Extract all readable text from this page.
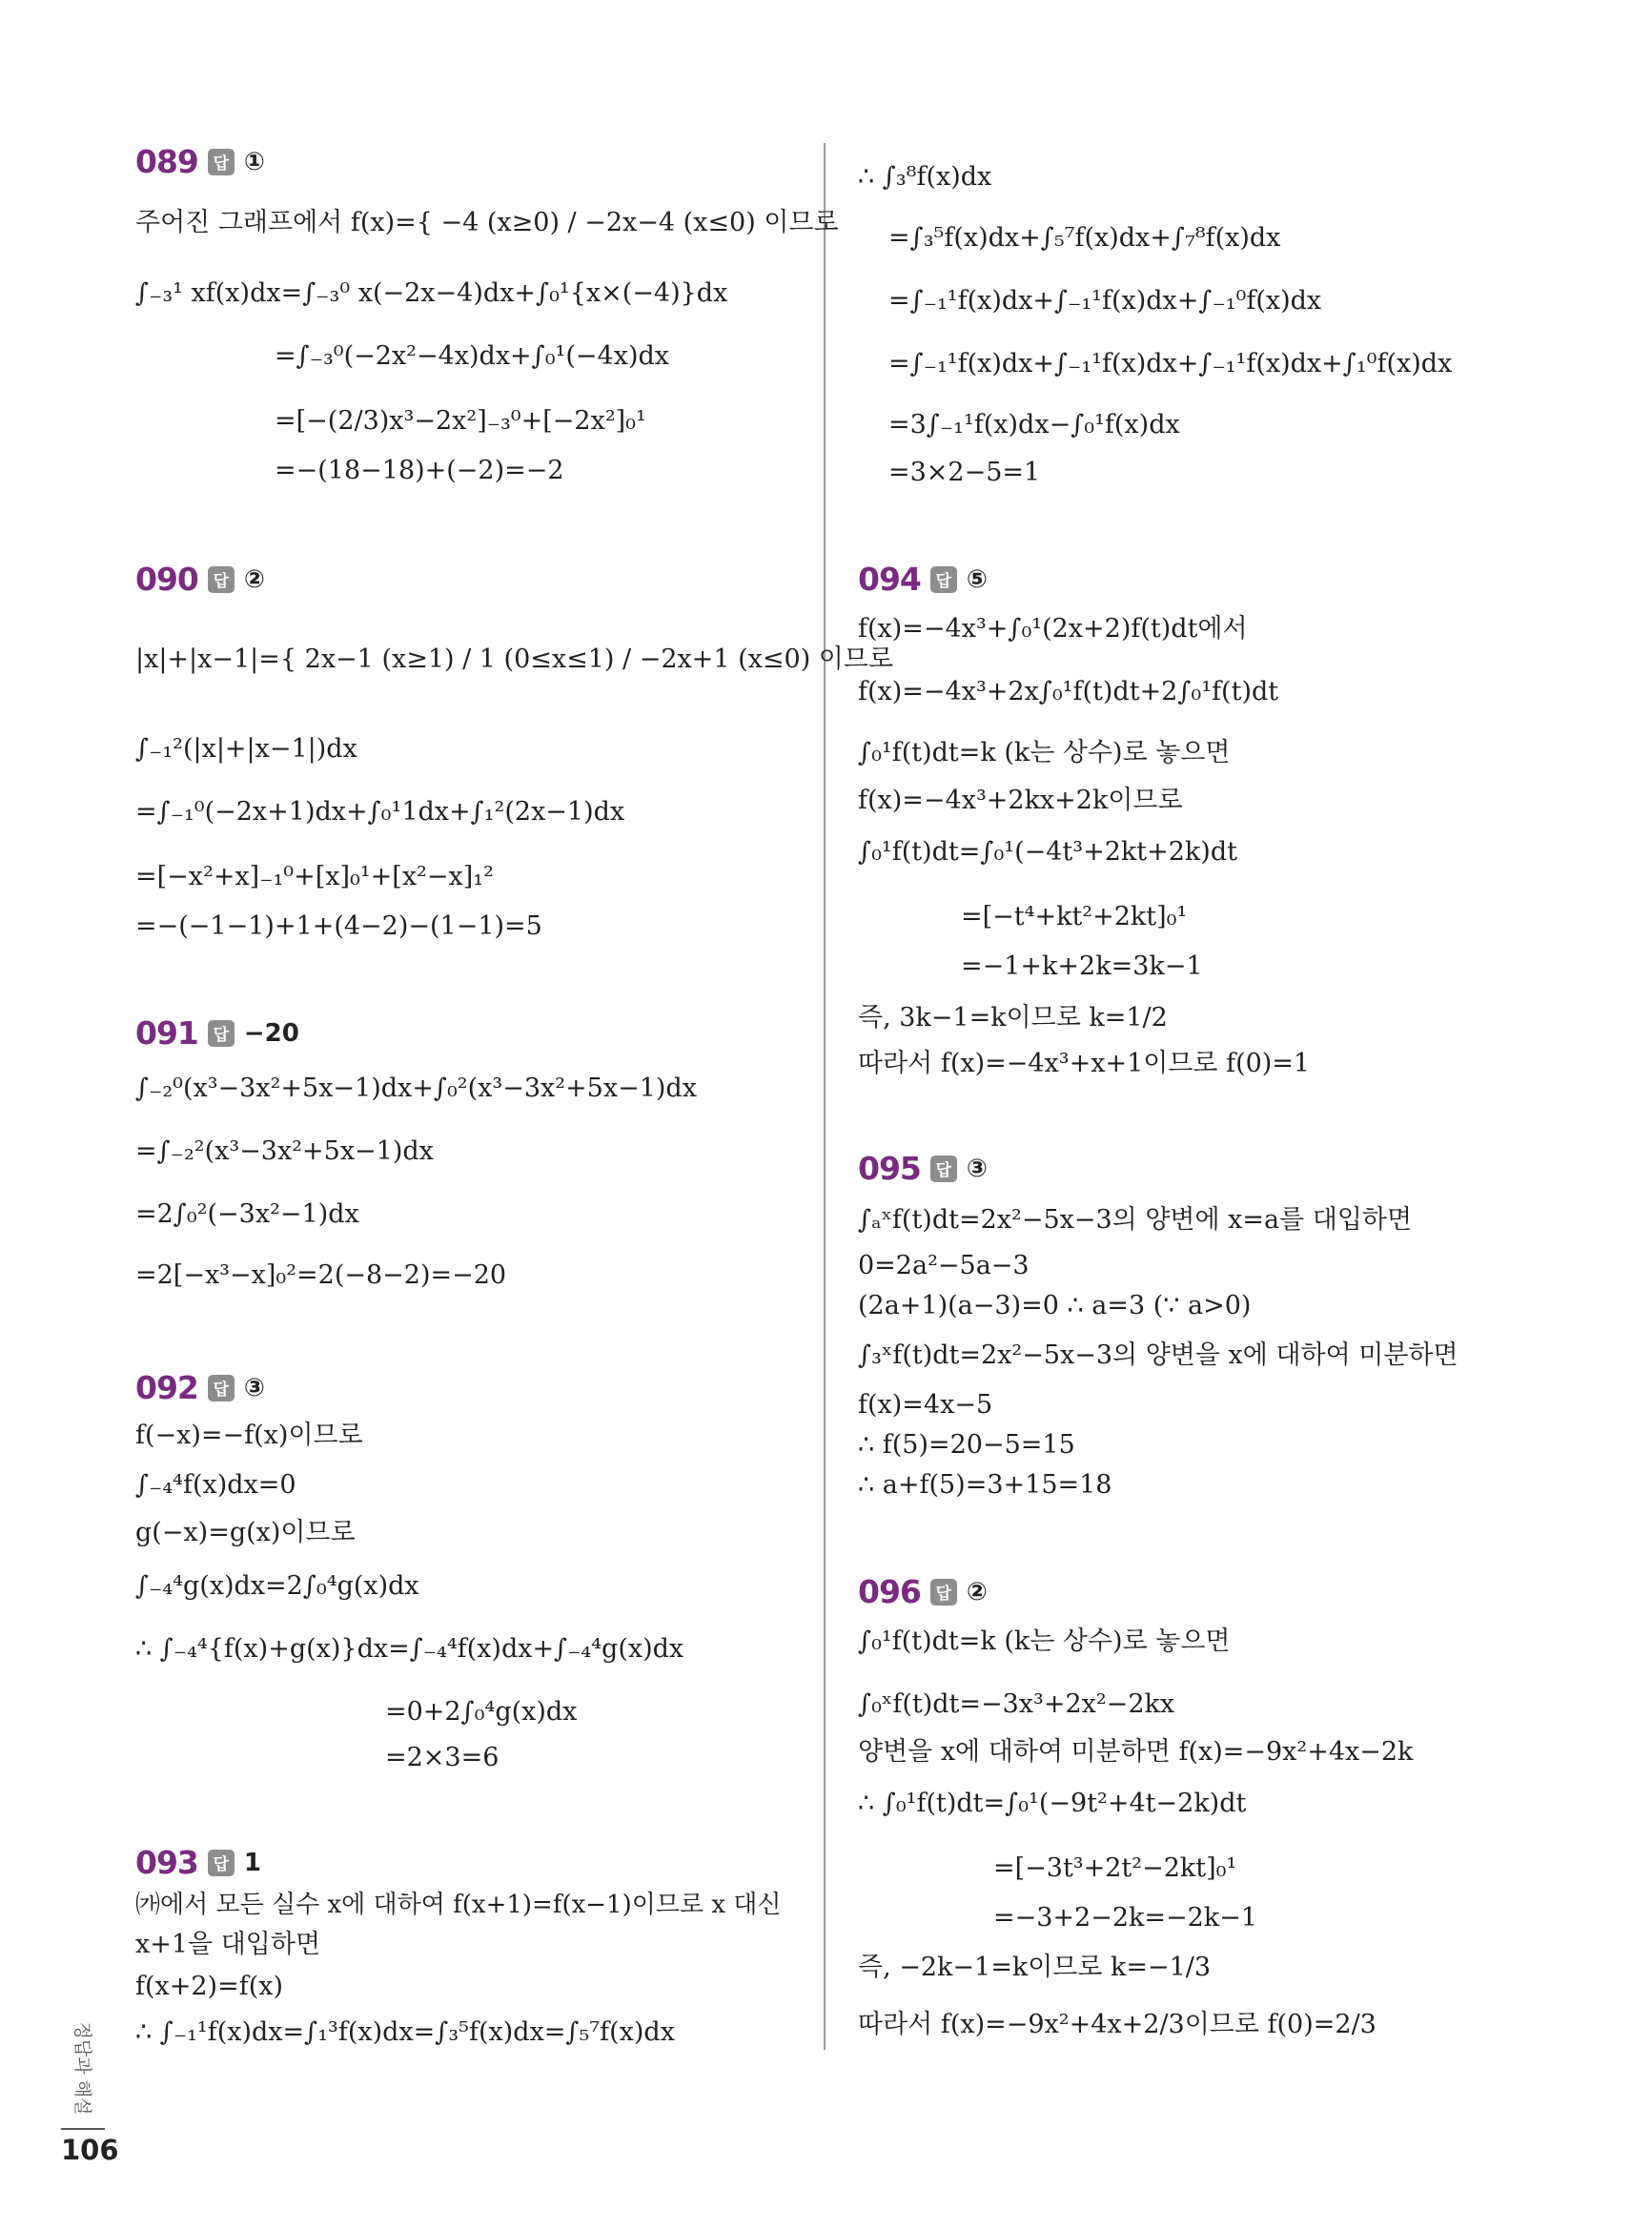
089 답 ①
주어진 그래프에서 f(x)={ −4 (x≥0) / −2x−4 (x≤0) 이므로
∫₋₃¹ xf(x)dx=∫₋₃⁰ x(−2x−4)dx+∫₀¹{x×(−4)}dx
=∫₋₃⁰(−2x²−4x)dx+∫₀¹(−4x)dx
=[−(2/3)x³−2x²]₋₃⁰+[−2x²]₀¹
=−(18−18)+(−2)=−2
090 답 ②
|x|+|x−1|={ 2x−1 (x≥1) / 1 (0≤x≤1) / −2x+1 (x≤0) 이므로
∫₋₁²(|x|+|x−1|)dx
=∫₋₁⁰(−2x+1)dx+∫₀¹1dx+∫₁²(2x−1)dx
=[−x²+x]₋₁⁰+[x]₀¹+[x²−x]₁²
=−(−1−1)+1+(4−2)−(1−1)=5
091 답 −20
∫₋₂⁰(x³−3x²+5x−1)dx+∫₀²(x³−3x²+5x−1)dx
=∫₋₂²(x³−3x²+5x−1)dx
=2∫₀²(−3x²−1)dx
=2[−x³−x]₀²=2(−8−2)=−20
092 답 ③
f(−x)=−f(x)이므로
∫₋₄⁴f(x)dx=0
g(−x)=g(x)이므로
∫₋₄⁴g(x)dx=2∫₀⁴g(x)dx
∴ ∫₋₄⁴{f(x)+g(x)}dx=∫₋₄⁴f(x)dx+∫₋₄⁴g(x)dx
=0+2∫₀⁴g(x)dx
=2×3=6
093 답 1
㈎에서 모든 실수 x에 대하여 f(x+1)=f(x−1)이므로 x 대신
x+1을 대입하면
f(x+2)=f(x)
∴ ∫₋₁¹f(x)dx=∫₁³f(x)dx=∫₃⁵f(x)dx=∫₅⁷f(x)dx
∴ ∫₃⁸f(x)dx
=∫₃⁵f(x)dx+∫₅⁷f(x)dx+∫₇⁸f(x)dx
=∫₋₁¹f(x)dx+∫₋₁¹f(x)dx+∫₋₁⁰f(x)dx
=∫₋₁¹f(x)dx+∫₋₁¹f(x)dx+∫₋₁¹f(x)dx+∫₁⁰f(x)dx
=3∫₋₁¹f(x)dx−∫₀¹f(x)dx
=3×2−5=1
094 답 ⑤
f(x)=−4x³+∫₀¹(2x+2)f(t)dt에서
f(x)=−4x³+2x∫₀¹f(t)dt+2∫₀¹f(t)dt
∫₀¹f(t)dt=k (k는 상수)로 놓으면
f(x)=−4x³+2kx+2k이므로
∫₀¹f(t)dt=∫₀¹(−4t³+2kt+2k)dt
=[−t⁴+kt²+2kt]₀¹
=−1+k+2k=3k−1
즉, 3k−1=k이므로 k=1/2
따라서 f(x)=−4x³+x+1이므로 f(0)=1
095 답 ③
∫ₐˣf(t)dt=2x²−5x−3의 양변에 x=a를 대입하면
0=2a²−5a−3
(2a+1)(a−3)=0 ∴ a=3 (∵ a>0)
∫₃ˣf(t)dt=2x²−5x−3의 양변을 x에 대하여 미분하면
f(x)=4x−5
∴ f(5)=20−5=15
∴ a+f(5)=3+15=18
096 답 ②
∫₀¹f(t)dt=k (k는 상수)로 놓으면
∫₀ˣf(t)dt=−3x³+2x²−2kx
양변을 x에 대하여 미분하면 f(x)=−9x²+4x−2k
∴ ∫₀¹f(t)dt=∫₀¹(−9t²+4t−2k)dt
=[−3t³+2t²−2kt]₀¹
=−3+2−2k=−2k−1
즉, −2k−1=k이므로 k=−1/3
따라서 f(x)=−9x²+4x+2/3이므로 f(0)=2/3
정답과 해설
106
